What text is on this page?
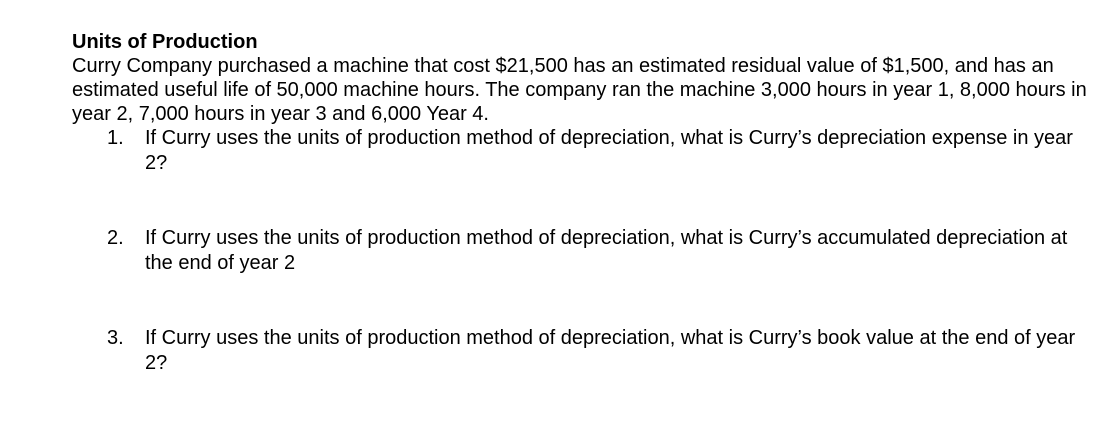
Units of Production

Curry Company purchased a machine that cost $21,500 has an estimated residual value of $1,500, and has an estimated useful life of 50,000 machine hours. The company ran the machine 3,000 hours in year 1, 8,000 hours in year 2, 7,000 hours in year 3 and 6,000 Year 4.

1. If Curry uses the units of production method of depreciation, what is Curry’s depreciation expense in year 2?
2. If Curry uses the units of production method of depreciation, what is Curry’s accumulated depreciation at the end of year 2
3. If Curry uses the units of production method of depreciation, what is Curry’s book value at the end of year 2?
